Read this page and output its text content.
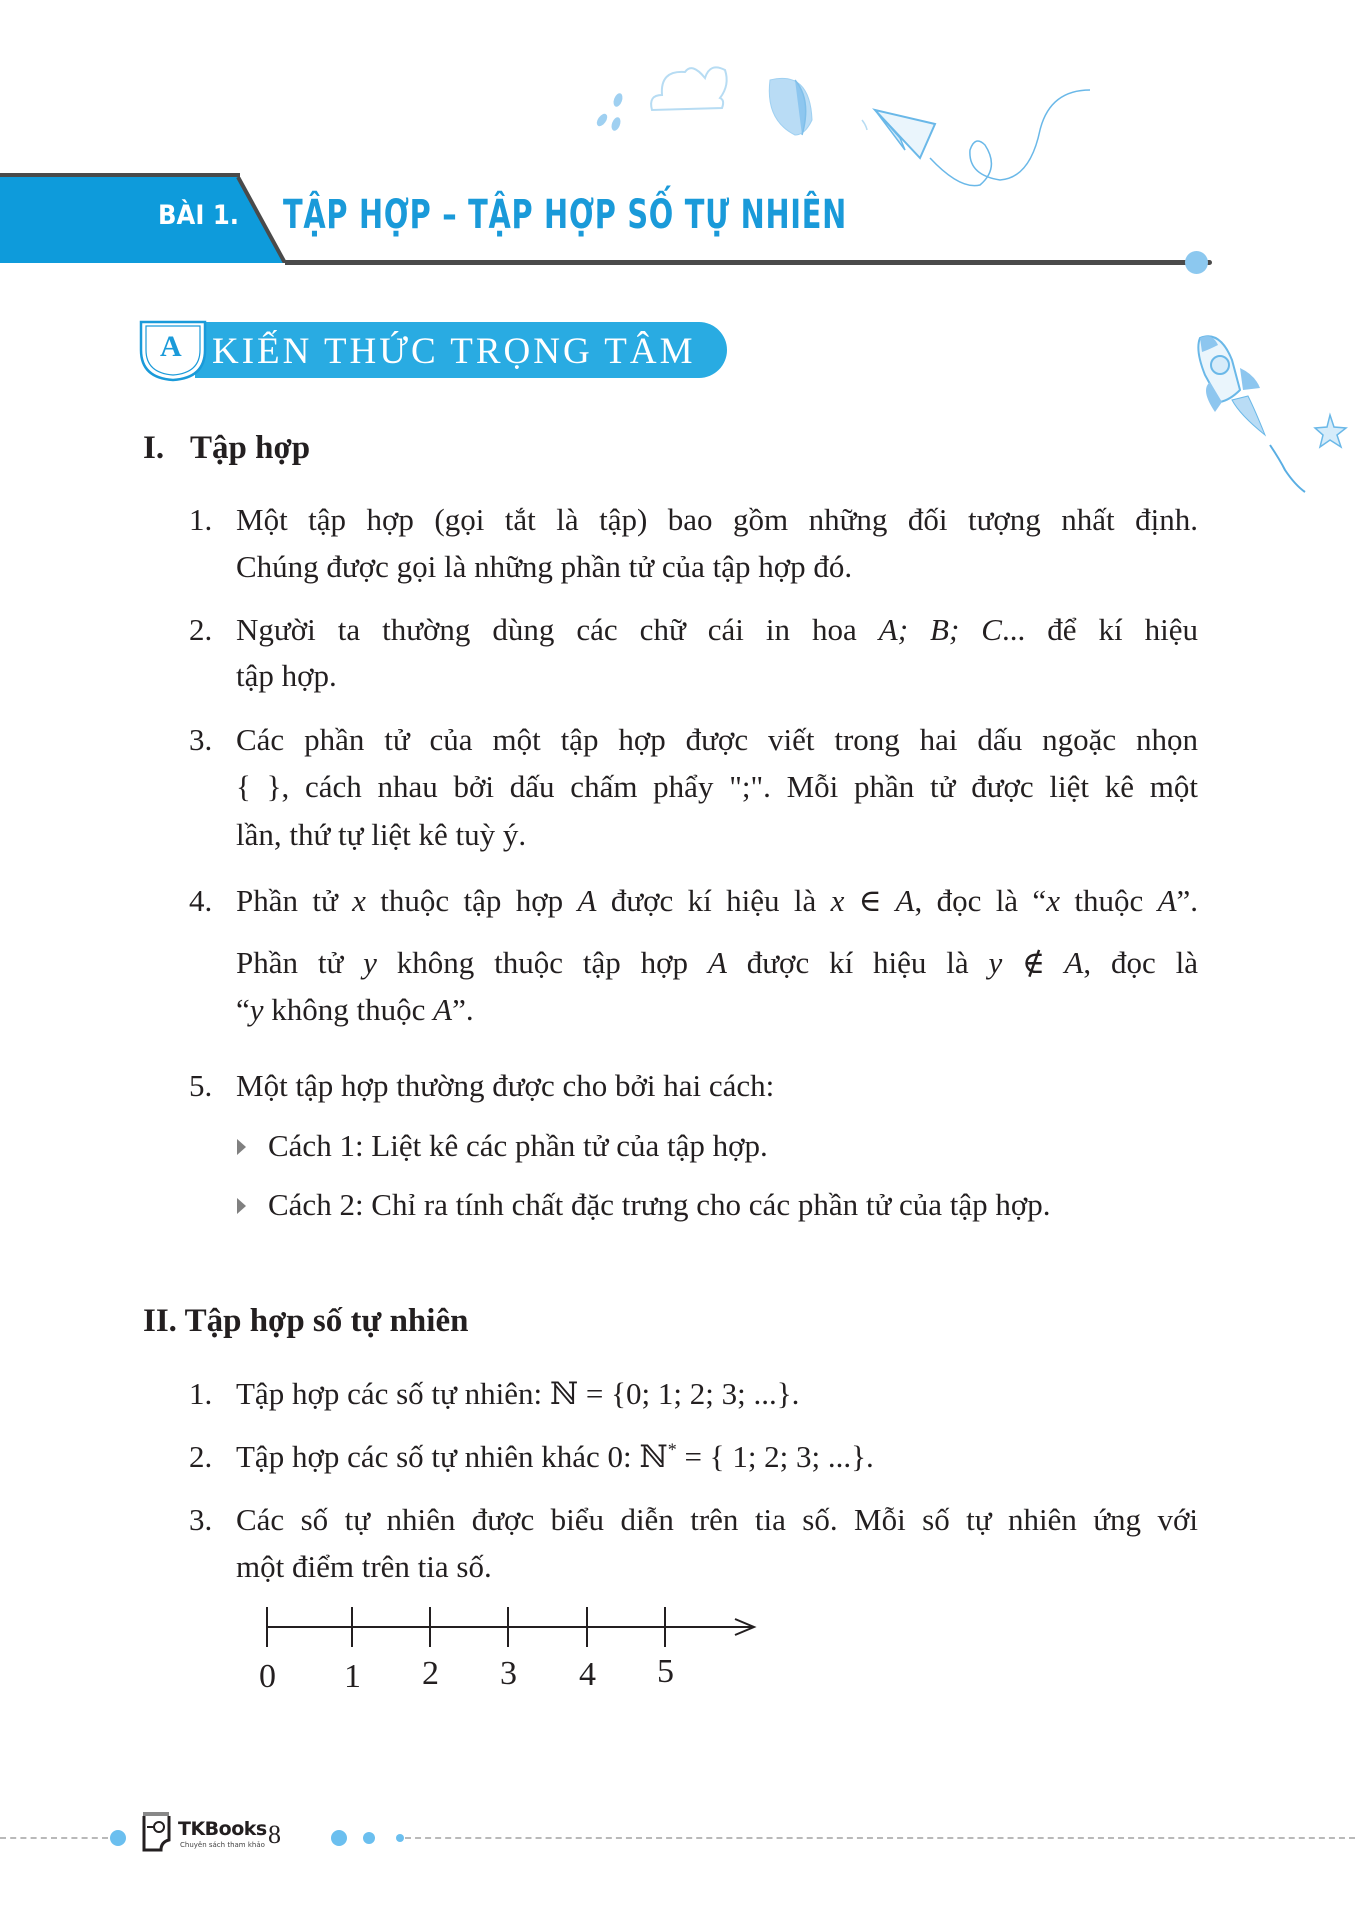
BÀI 1. TẬP HỢP – TẬP HỢP SỐ TỰ NHIÊN
A KIẾN THỨC TRỌNG TÂM
I. Tập hợp
1. Một tập hợp (gọi tắt là tập) bao gồm những đối tượng nhất định.
Chúng được gọi là những phần tử của tập hợp đó.
2. Người ta thường dùng các chữ cái in hoa A; B; C... để kí hiệu
tập hợp.
3. Các phần tử của một tập hợp được viết trong hai dấu ngoặc nhọn
{ }, cách nhau bởi dấu chấm phẩy ";". Mỗi phần tử được liệt kê một
lần, thứ tự liệt kê tuỳ ý.
4. Phần tử x thuộc tập hợp A được kí hiệu là x ∈ A, đọc là “x thuộc A”.
Phần tử y không thuộc tập hợp A được kí hiệu là y ∉ A, đọc là
“y không thuộc A”.
5. Một tập hợp thường được cho bởi hai cách:
Cách 1: Liệt kê các phần tử của tập hợp.
Cách 2: Chỉ ra tính chất đặc trưng cho các phần tử của tập hợp.
II. Tập hợp số tự nhiên
1. Tập hợp các số tự nhiên: ℕ = {0; 1; 2; 3; ...}.
2. Tập hợp các số tự nhiên khác 0: ℕ* = { 1; 2; 3; ...}.
3. Các số tự nhiên được biểu diễn trên tia số. Mỗi số tự nhiên ứng với
một điểm trên tia số.
0 1 2 3 4 5
TKBooks
Chuyên sách tham khảo 8
